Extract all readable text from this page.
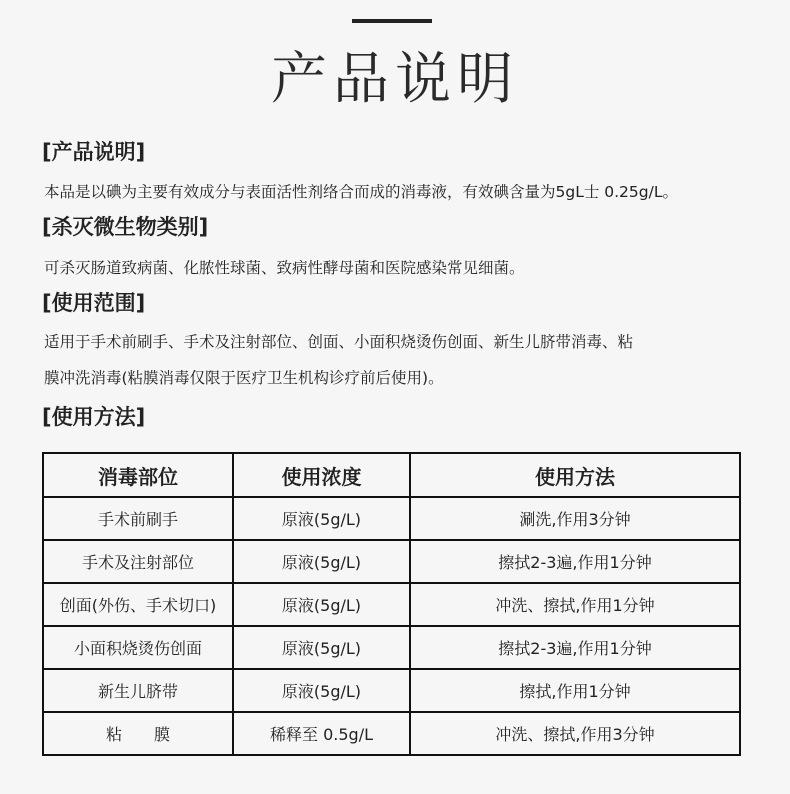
产品说明
[产品说明]
本品是以碘为主要有效成分与表面活性剂络合而成的消毒液，有效碘含量为5gL士 0.25g/L。
[杀灭微生物类别]
可杀灭肠道致病菌、化脓性球菌、致病性酵母菌和医院感染常见细菌。
[使用范围]
适用于手术前刷手、手术及注射部位、创面、小面积烧烫伤创面、新生儿脐带消毒、粘
膜冲洗消毒(粘膜消毒仅限于医疗卫生机构诊疗前后使用)。
[使用方法]
消毒部位	使用浓度	使用方法
手术前刷手	原液(5g/L)	涮洗,作用3分钟
手术及注射部位	原液(5g/L)	擦拭2-3遍,作用1分钟
创面(外伤、手术切口)	原液(5g/L)	冲洗、擦拭,作用1分钟
小面积烧烫伤创面	原液(5g/L)	擦拭2-3遍,作用1分钟
新生儿脐带	原液(5g/L)	擦拭,作用1分钟
粘　　膜	稀释至 0.5g/L	冲洗、擦拭,作用3分钟
